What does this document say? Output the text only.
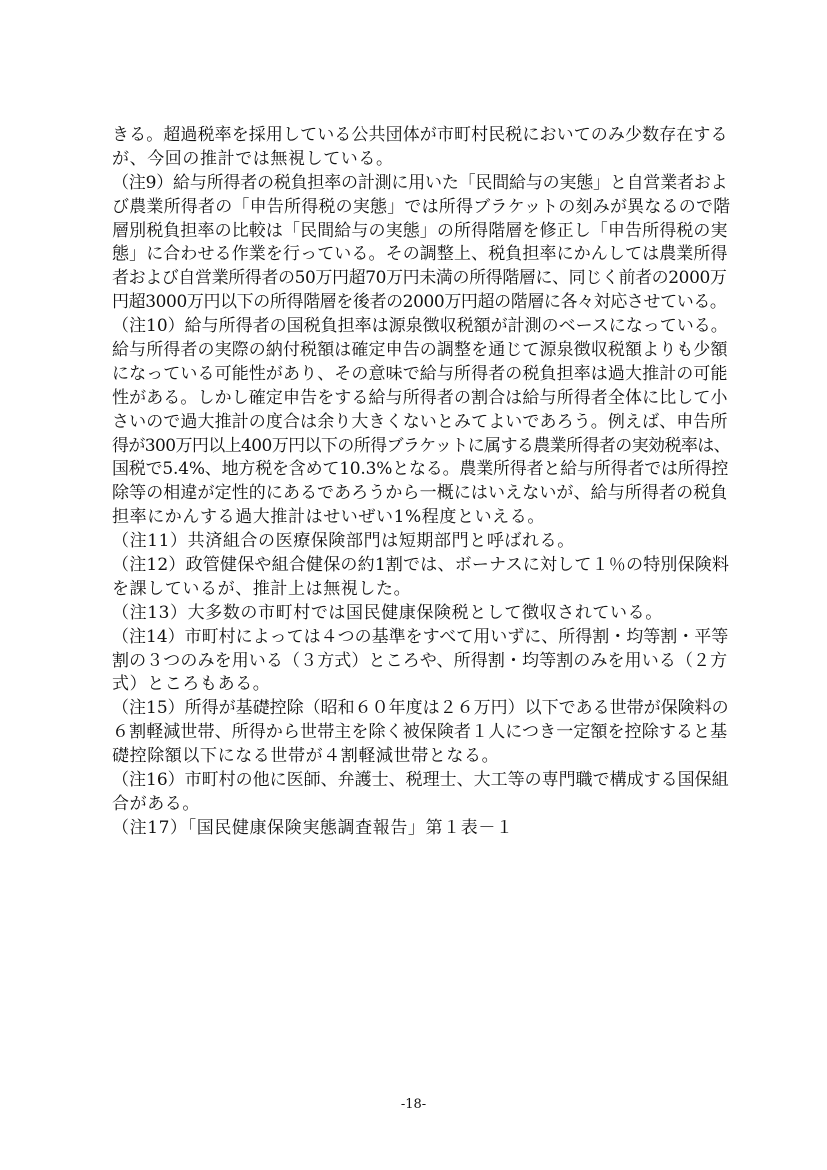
きる。超過税率を採用している公共団体が市町村民税においてのみ少数存在する
が、今回の推計では無視している。
（注9）給与所得者の税負担率の計測に用いた「民間給与の実態」と自営業者およ
び農業所得者の「申告所得税の実態」では所得ブラケットの刻みが異なるので階
層別税負担率の比較は「民間給与の実態」の所得階層を修正し「申告所得税の実
態」に合わせる作業を行っている。その調整上、税負担率にかんしては農業所得
者および自営業所得者の50万円超70万円未満の所得階層に、同じく前者の2000万
円超3000万円以下の所得階層を後者の2000万円超の階層に各々対応させている。
（注10）給与所得者の国税負担率は源泉徴収税額が計測のベースになっている。
給与所得者の実際の納付税額は確定申告の調整を通じて源泉徴収税額よりも少額
になっている可能性があり、その意味で給与所得者の税負担率は過大推計の可能
性がある。しかし確定申告をする給与所得者の割合は給与所得者全体に比して小
さいので過大推計の度合は余り大きくないとみてよいであろう。例えば、申告所
得が300万円以上400万円以下の所得ブラケットに属する農業所得者の実効税率は、
国税で5.4%、地方税を含めて10.3%となる。農業所得者と給与所得者では所得控
除等の相違が定性的にあるであろうから一概にはいえないが、給与所得者の税負
担率にかんする過大推計はせいぜい1%程度といえる。
（注11）共済組合の医療保険部門は短期部門と呼ばれる。
（注12）政管健保や組合健保の約1割では、ボーナスに対して１％の特別保険料
を課しているが、推計上は無視した。
（注13）大多数の市町村では国民健康保険税として徴収されている。
（注14）市町村によっては４つの基準をすべて用いずに、所得割・均等割・平等
割の３つのみを用いる（３方式）ところや、所得割・均等割のみを用いる（２方
式）ところもある。
（注15）所得が基礎控除（昭和６０年度は２６万円）以下である世帯が保険料の
６割軽減世帯、所得から世帯主を除く被保険者１人につき一定額を控除すると基
礎控除額以下になる世帯が４割軽減世帯となる。
（注16）市町村の他に医師、弁護士、税理士、大工等の専門職で構成する国保組
合がある。
（注17）「国民健康保険実態調査報告」第１表－１
-18-
